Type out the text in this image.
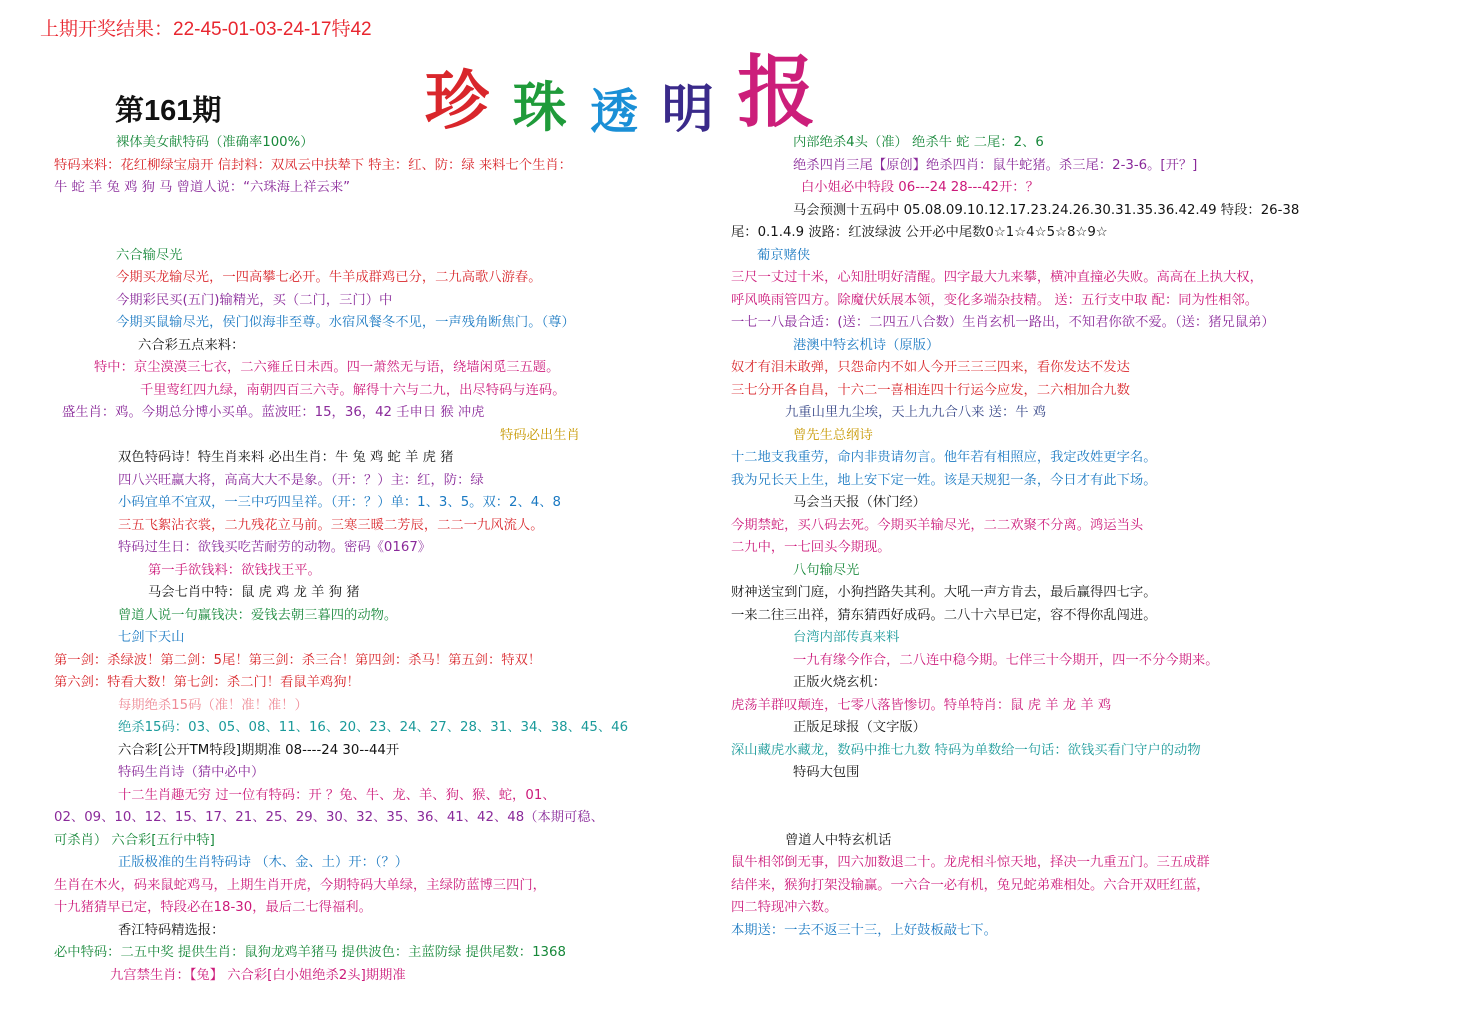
上期开奖结果：22-45-01-03-24-17特42
珍 珠 透 明 报
第161期
裸体美女献特码（准确率100%）
特码来料：花红柳绿宝扇开 信封料：双凤云中扶辇下 特主：红、防：绿 来料七个生肖：
牛 蛇 羊 兔 鸡 狗 马 曾道人说：“六珠海上祥云来”
六合输尽光
今期买龙输尽光，一四高攀七必开。牛羊成群鸡已分，二九高歌八游春。
今期彩民买(五门)输精光，买（二门，三门）中
今期买鼠输尽光，侯门似海非至尊。水宿风餐冬不见，一声残角断焦门。（尊）
六合彩五点来料：
特中：京尘漠漠三七衣，二六雍丘日未西。四一萧然无与语，绕墙闲觅三五题。
千里莺红四九绿，南朝四百三六寺。解得十六与二九，出尽特码与连码。
盛生肖：鸡。今期总分博小买单。蓝波旺：15，36，42 壬申日 猴 冲虎
特码必出生肖
双色特码诗！特生肖来料 必出生肖：牛 兔 鸡 蛇 羊 虎 猪
四八兴旺赢大将，高高大大不是象。（开：？）主：红，防：绿
小码宜单不宜双，一三中巧四呈祥。（开：？）单：1、3、5。双：2、4、8
三五飞絮沾衣裳，二九残花立马前。三寒三暖二芳辰，二二一九风流人。
特码过生日：欲钱买吃苦耐劳的动物。密码《0167》
第一手欲钱料：欲钱找王平。
马会七肖中特：鼠 虎 鸡 龙 羊 狗 猪
曾道人说一句赢钱决：爱钱去朝三暮四的动物。
七剑下天山
第一剑：杀绿波！第二剑：5尾！第三剑：杀三合！第四剑：杀马！第五剑：特双！
第六剑：特看大数！第七剑：杀二门！看鼠羊鸡狗！
每期绝杀15码（准！准！准！）
绝杀15码：03、05、08、11、16、20、23、24、27、28、31、34、38、45、46
六合彩[公开TM特段]期期准 08----24 30--44开
特码生肖诗（猜中必中）
十二生肖趣无穷 过一位有特码：开 ？兔、牛、龙、羊、狗、猴、蛇，01、
02、09、10、12、15、17、21、25、29、30、32、35、36、41、42、48（本期可稳、
可杀肖） 六合彩[五行中特]
正版极准的生肖特码诗 （木、金、土）开：（？）
生肖在木火，码来鼠蛇鸡马，上期生肖开虎，今期特码大单绿，主绿防蓝博三四门，
十九猪猜早已定，特段必在18-30，最后二七得福利。
香江特码精选报：
必中特码：二五中奖 提供生肖：鼠狗龙鸡羊猪马 提供波色：主蓝防绿 提供尾数：1368
九宫禁生肖：【兔】 六合彩[白小姐绝杀2头]期期准
内部绝杀4头（准） 绝杀牛 蛇 二尾：2、6
绝杀四肖三尾【原创】绝杀四肖：鼠牛蛇猪。杀三尾：2-3-6。[开？]
白小姐必中特段 06---24 28---42开：？
马会预测十五码中 05.08.09.10.12.17.23.24.26.30.31.35.36.42.49 特段：26-38
尾：0.1.4.9 波路：红波绿波 公开必中尾数0☆1☆4☆5☆8☆9☆
葡京赌侠
三尺一丈过十米，心知肚明好清醒。四字最大九来攀，横冲直撞必失败。高高在上执大权，
呼风唤雨管四方。除魔伏妖展本领，变化多端杂技精。 送：五行支中取 配：同为性相邻。
一七一八最合适：(送：二四五八合数）生肖玄机一路出，不知君你欲不爱。（送：猪兄鼠弟）
港澳中特玄机诗（原版）
奴才有泪未敢弹，只怨命内不如人今开三三三四来，看你发达不发达
三七分开各自昌，十六二一喜相连四十行运今应发，二六相加合九数
九重山里九尘埃，天上九九合八来 送：牛 鸡
曾先生总纲诗
十二地支我重劳，命内非贵请勿言。他年若有相照应，我定改姓更字名。
我为兄长天上生，地上安下定一姓。该是天规犯一条，今日才有此下场。
马会当天报（休门经）
今期禁蛇，买八码去死。今期买羊输尽光，二二欢聚不分离。鸿运当头
二九中，一七回头今期现。
八句输尽光
财神送宝到门庭，小狗挡路失其利。大吼一声方肯去，最后赢得四七字。
一来二往三出祥，猜东猜西好成码。二八十六早已定，容不得你乱闯进。
台湾内部传真来料
一九有缘今作合，二八连中稳今期。七伴三十今期开，四一不分今期来。
正版火烧玄机：
虎荡羊群叹颠连，七零八落皆惨切。特单特肖：鼠 虎 羊 龙 羊 鸡
正版足球报（文字版）
深山藏虎水藏龙，数码中推七九数 特码为单数给一句话：欲钱买看门守户的动物
特码大包围
曾道人中特玄机话
鼠牛相邻倒无事，四六加数退二十。龙虎相斗惊天地，择决一九重五门。三五成群
结伴来，猴狗打架没输赢。一六合一必有机，兔兄蛇弟难相处。六合开双旺红蓝，
四二特现冲六数。
本期送：一去不返三十三，上好鼓板敲七下。
